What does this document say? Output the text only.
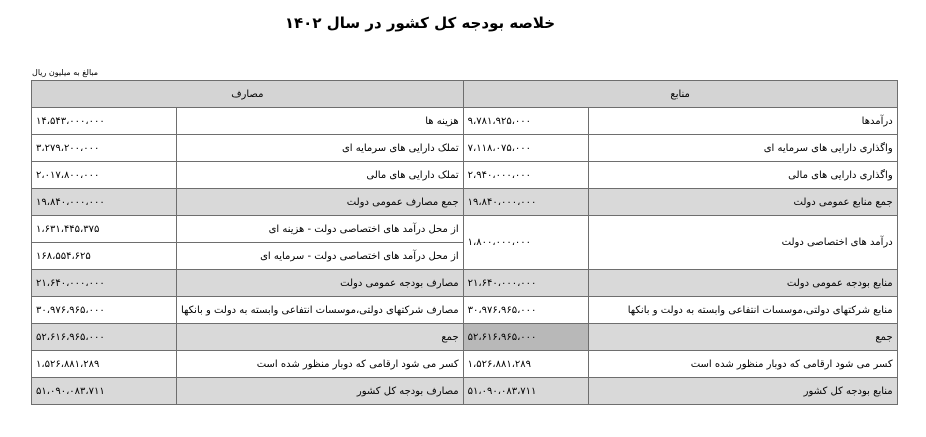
خلاصه بودجه کل کشور در سال ۱۴۰۲
مبالغ به میلیون ریال
مصارف		منابع	
۱۴،۵۴۳،۰۰۰،۰۰۰	هزینه ها	۹،۷۸۱،۹۲۵،۰۰۰	درآمدها
۳،۲۷۹،۲۰۰،۰۰۰	تملک دارایی های سرمایه ای	۷،۱۱۸،۰۷۵،۰۰۰	واگذاری دارایی های سرمایه ای
۲،۰۱۷،۸۰۰،۰۰۰	تملک دارایی های مالی	۲،۹۴۰،۰۰۰،۰۰۰	واگذاری دارایی های مالی
۱۹،۸۴۰،۰۰۰،۰۰۰	جمع مصارف عمومی دولت	۱۹،۸۴۰،۰۰۰،۰۰۰	جمع منابع عمومی دولت
۱،۶۳۱،۴۴۵،۳۷۵	از محل درآمد های اختصاصی دولت - هزینه ای	۱،۸۰۰،۰۰۰،۰۰۰	درآمد های اختصاصی دولت
۱۶۸،۵۵۴،۶۲۵	از محل درآمد های اختصاصی دولت - سرمایه ای		
۲۱،۶۴۰،۰۰۰،۰۰۰	مصارف بودجه عمومی دولت	۲۱،۶۴۰،۰۰۰،۰۰۰	منابع بودجه عمومی دولت
۳۰،۹۷۶،۹۶۵،۰۰۰	مصارف شرکتهای دولتی،موسسات انتفاعی وابسته به دولت و بانکها	۳۰،۹۷۶،۹۶۵،۰۰۰	منابع شرکتهای دولتی،موسسات انتفاعی وابسته به دولت و بانکها
۵۲،۶۱۶،۹۶۵،۰۰۰	جمع	۵۲،۶۱۶،۹۶۵،۰۰۰	جمع
۱،۵۲۶،۸۸۱،۲۸۹	کسر می شود ارقامی که دوبار منظور شده است	۱،۵۲۶،۸۸۱،۲۸۹	کسر می شود ارقامی که دوبار منظور شده است
۵۱،۰۹۰،۰۸۳،۷۱۱	مصارف بودجه کل کشور	۵۱،۰۹۰،۰۸۳،۷۱۱	منابع بودجه کل کشور
